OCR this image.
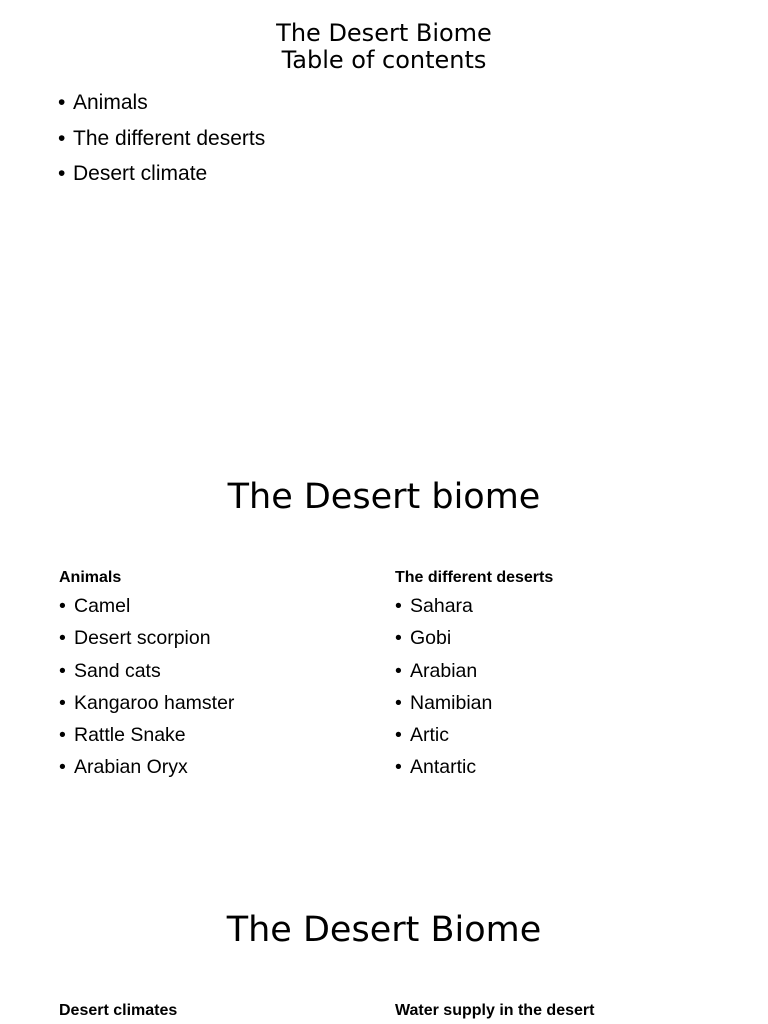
The Desert Biome
Table of contents
• Animals
• The different deserts
• Desert climate
The Desert biome

Animals

• Camel
• Desert scorpion
• Sand cats
• Kangaroo hamster
• Rattle Snake
• Arabian Oryx

The different deserts

• Sahara
• Gobi
• Arabian
• Namibian
• Artic
• Antartic
The Desert Biome

Desert climates	Water supply in the desert
